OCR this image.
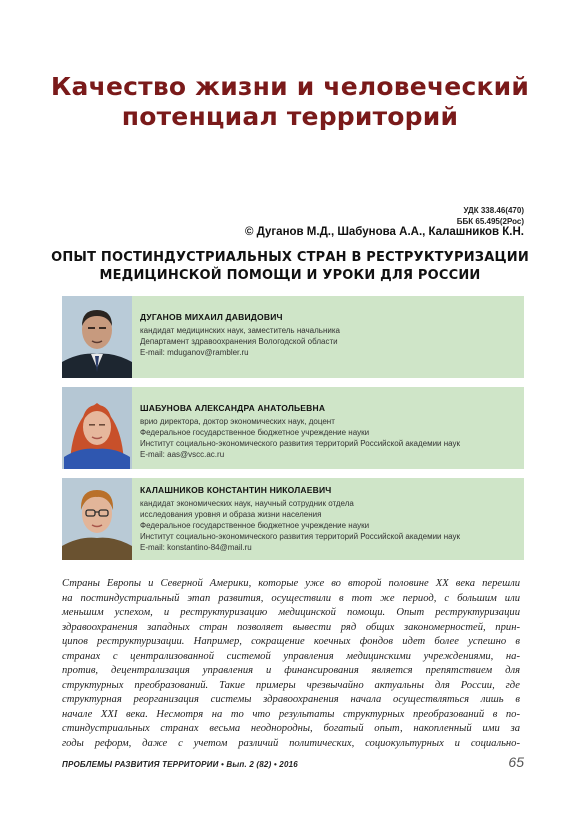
Качество жизни и человеческий
потенциал территорий
УДК 338.46(470)
ББК 65.495(2Рос)
© Дуганов М.Д., Шабунова А.А., Калашников К.Н.
ОПЫТ ПОСТИНДУСТРИАЛЬНЫХ СТРАН В РЕСТРУКТУРИЗАЦИИ
МЕДИЦИНСКОЙ ПОМОЩИ И УРОКИ ДЛЯ РОССИИ
ДУГАНОВ МИХАИЛ ДАВИДОВИЧ
кандидат медицинских наук, заместитель начальника
Департамент здравоохранения Вологодской области
E-mail: mduganov@rambler.ru
ШАБУНОВА АЛЕКСАНДРА АНАТОЛЬЕВНА
врио директора, доктор экономических наук, доцент
Федеральное государственное бюджетное учреждение науки
Институт социально-экономического развития территорий Российской академии наук
E-mail: aas@vscc.ac.ru
КАЛАШНИКОВ КОНСТАНТИН НИКОЛАЕВИЧ
кандидат экономических наук, научный сотрудник отдела
исследования уровня и образа жизни населения
Федеральное государственное бюджетное учреждение науки
Институт социально-экономического развития территорий Российской академии наук
E-mail: konstantino-84@mail.ru
Страны Европы и Северной Америки, которые уже во второй половине XX века перешли
на постиндустриальный этап развития, осуществили в тот же период, с большим или
меньшим успехом, и реструктуризацию медицинской помощи. Опыт реструктуризации
здравоохранения западных стран позволяет вывести ряд общих закономерностей, прин-
ципов реструктуризации. Например, сокращение коечных фондов идет более успешно в
странах с централизованной системой управления медицинскими учреждениями, на-
против, децентрализация управления и финансирования является препятствием для
структурных преобразований. Такие примеры чрезвычайно актуальны для России, где
структурная реорганизация системы здравоохранения начала осуществляться лишь в
начале XXI века. Несмотря на то что результаты структурных преобразований в по-
стиндустриальных странах весьма неоднородны, богатый опыт, накопленный ими за
годы реформ, даже с учетом различий политических, социокультурных и социально-
ПРОБЛЕМЫ РАЗВИТИЯ ТЕРРИТОРИИ • Вып. 2 (82) • 2016	65
